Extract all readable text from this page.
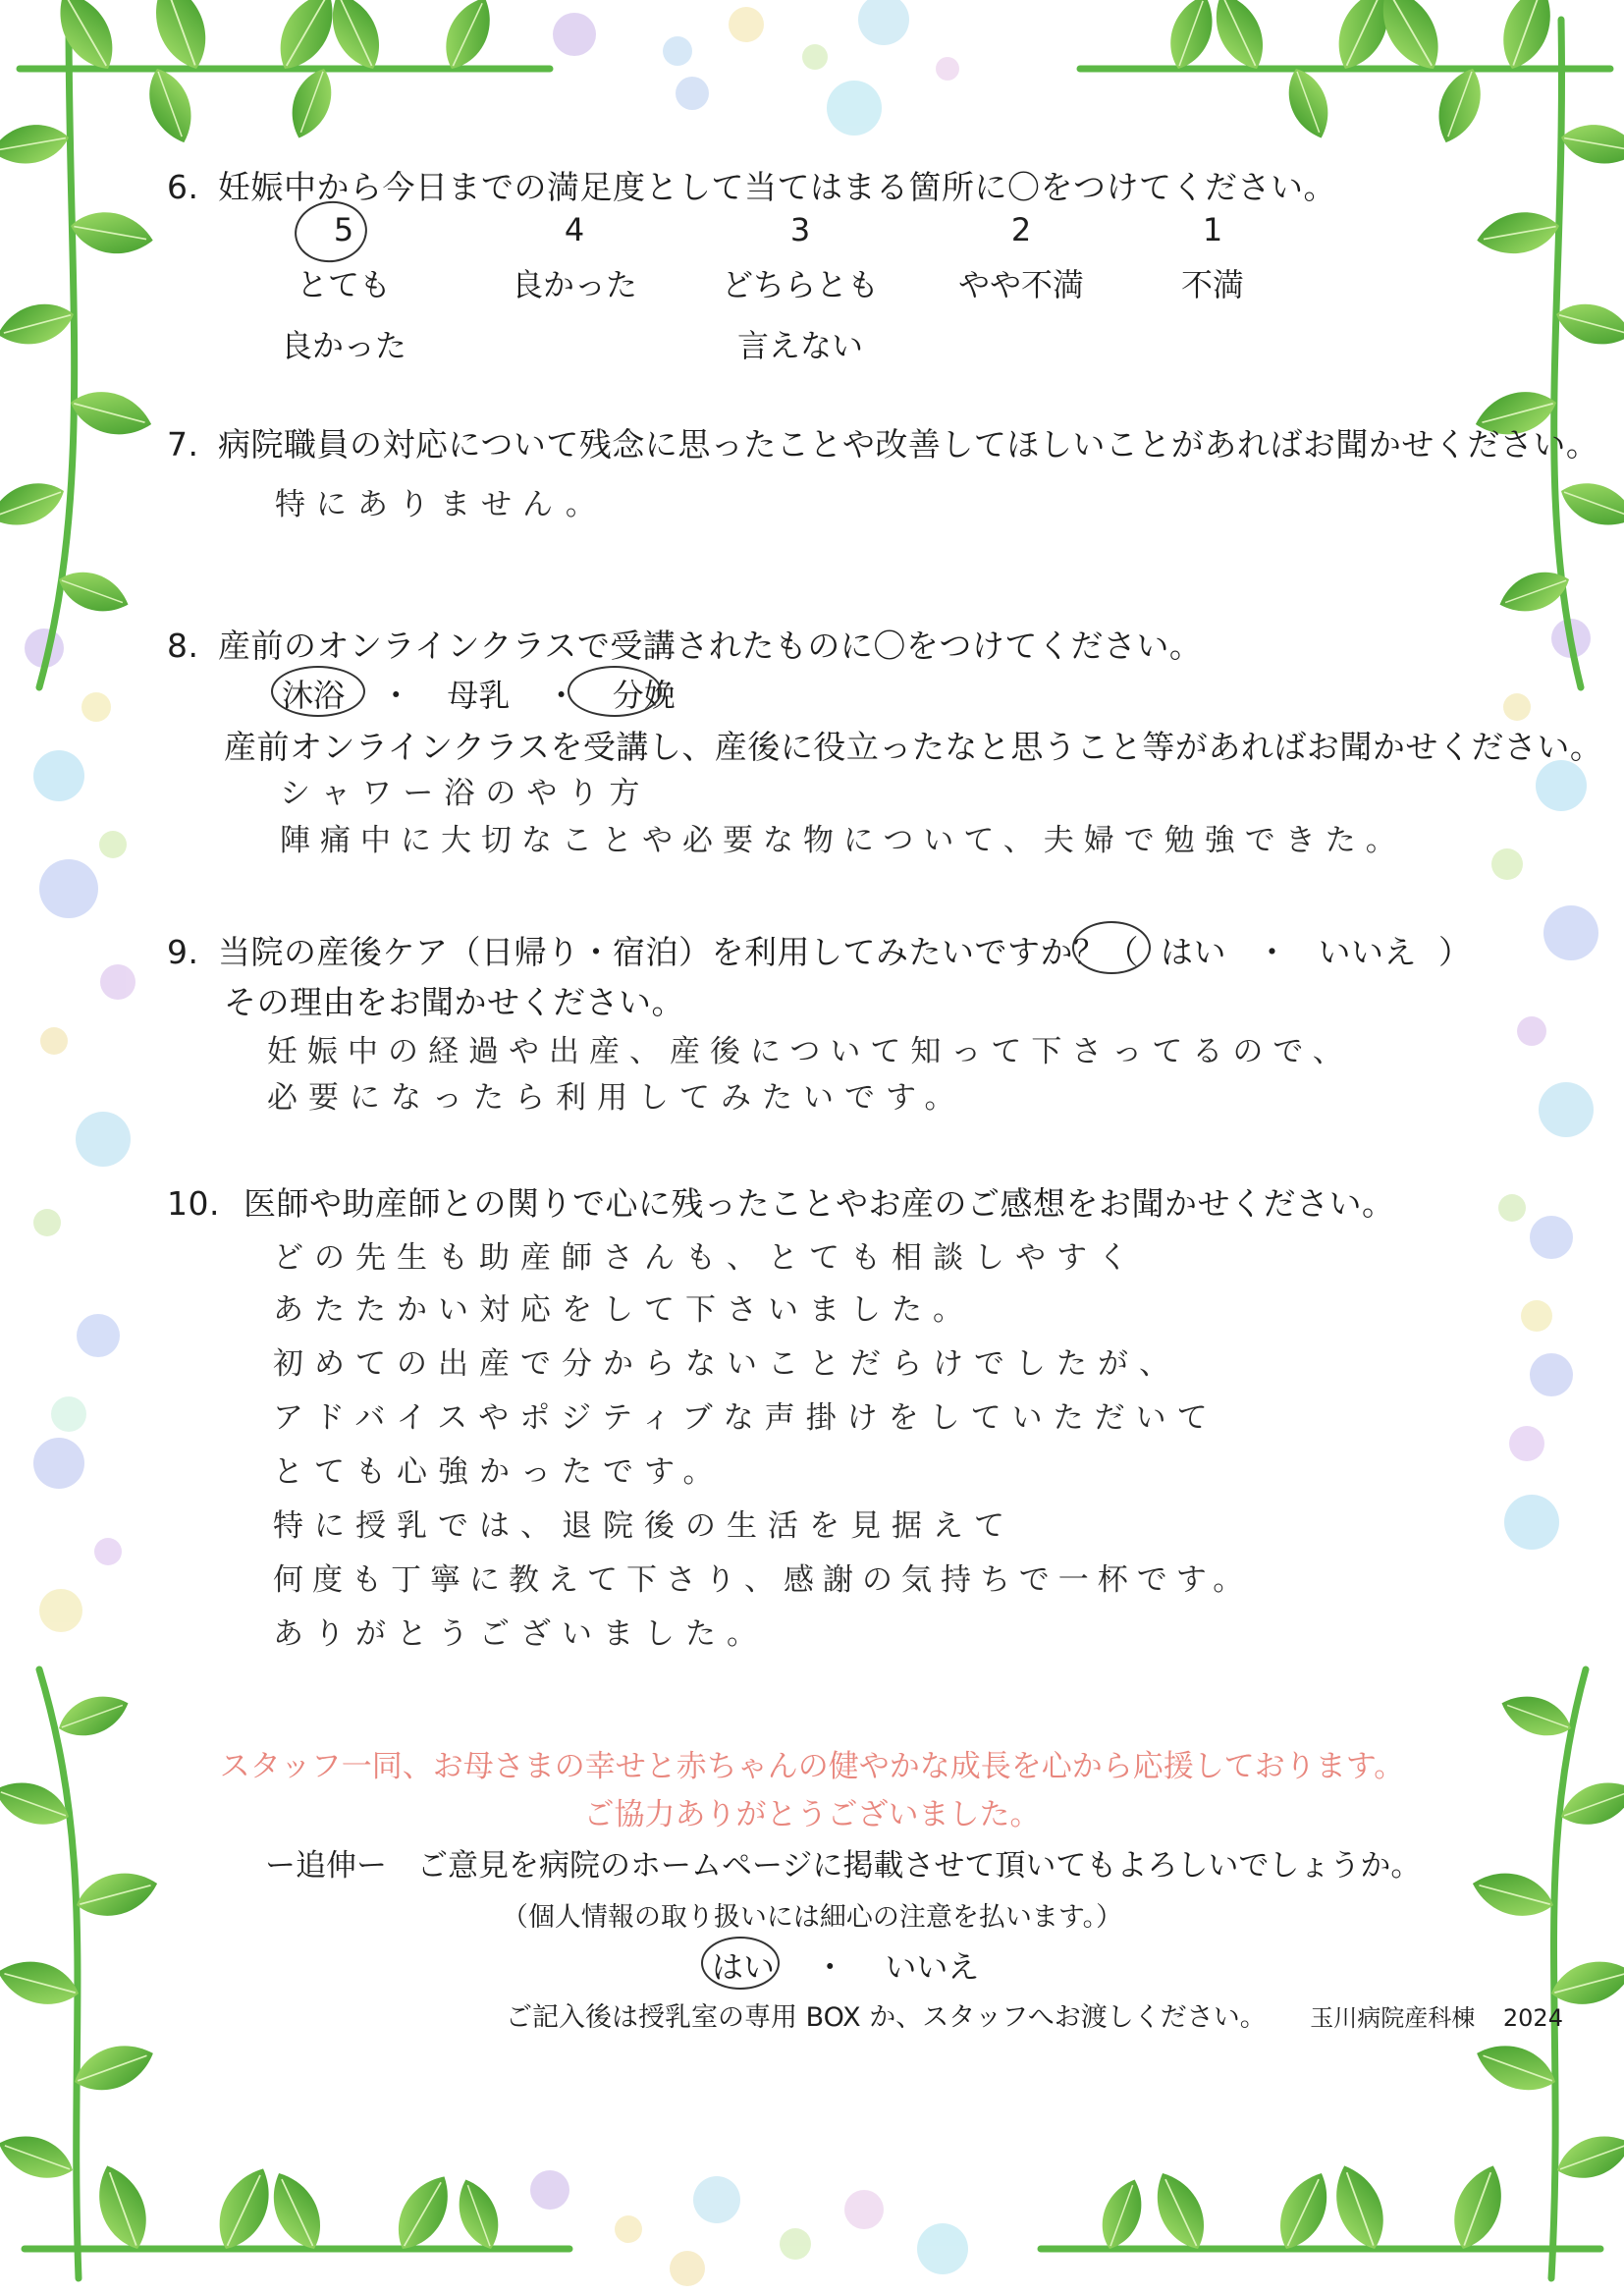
6. 妊娠中から今日までの満足度として当てはまる箇所に〇をつけてください。
5
とても
良かった
4
良かった
3
どちらとも
言えない
2
やや不満
1
不満
7. 病院職員の対応について残念に思ったことや改善してほしいことがあればお聞かせください。
特にありません。
8. 産前のオンラインクラスで受講されたものに〇をつけてください。
沐浴 ・ 母乳 ・ 分娩
産前オンラインクラスを受講し、産後に役立ったなと思うこと等があればお聞かせください。
シャワー浴のやり方
陣痛中に大切なことや必要な物について、夫婦で勉強できた。
9. 当院の産後ケア（日帰り・宿泊）を利用してみたいですか？（ はい ・ いいえ ）
その理由をお聞かせください。
妊娠中の経過や出産、産後について知って下さってるので、
必要になったら利用してみたいです。
10. 医師や助産師との関りで心に残ったことやお産のご感想をお聞かせください。
どの先生も助産師さんも、とても相談しやすく
あたたかい対応をして下さいました。
初めての出産で分からないことだらけでしたが、
アドバイスやポジティブな声掛けをしていただいて
とても心強かったです。
特に授乳では、退院後の生活を見据えて
何度も丁寧に教えて下さり、感謝の気持ちで一杯です。
ありがとうございました。
スタッフ一同、お母さまの幸せと赤ちゃんの健やかな成長を心から応援しております。
ご協力ありがとうございました。
ー追伸ー　ご意見を病院のホームページに掲載させて頂いてもよろしいでしょうか。
（個人情報の取り扱いには細心の注意を払います。）
はい ・ いいえ
ご記入後は授乳室の専用 BOX か、スタッフへお渡しください。 玉川病院産科棟 2024
